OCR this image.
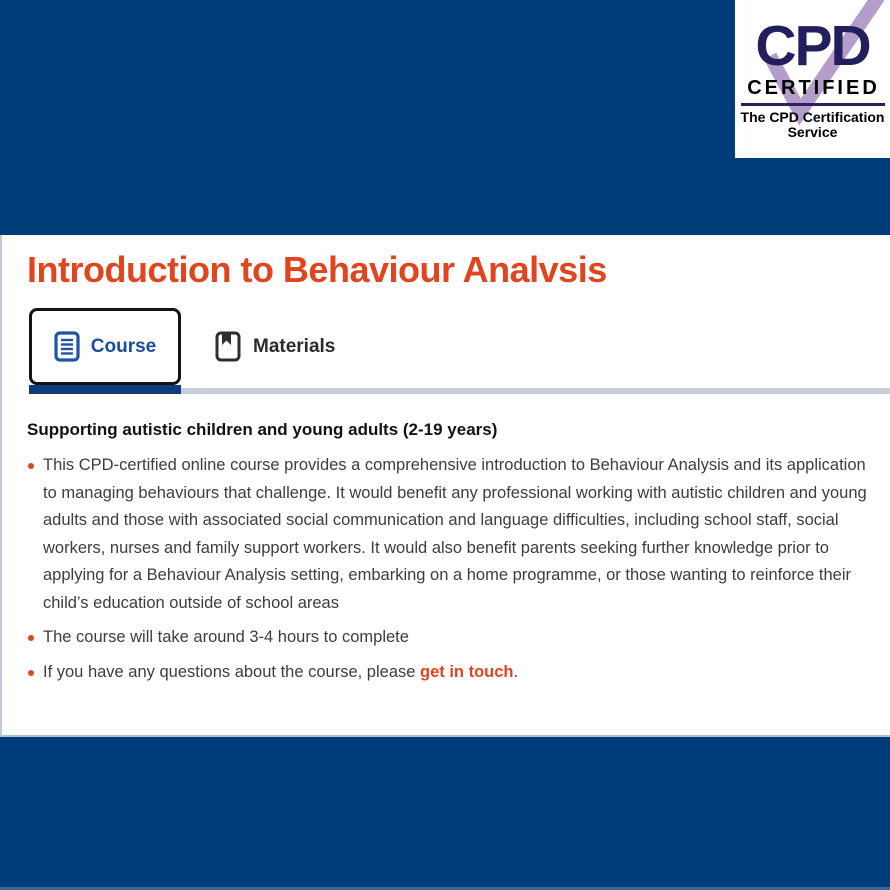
CPD
CERTIFIED
The CPD Certification
Service
Introduction to Behaviour Analvsis
Course	Materials
Supporting autistic children and young adults (2-19 years)
This CPD-certified online course provides a comprehensive introduction to Behaviour Analysis and its application to managing behaviours that challenge. It would benefit any professional working with autistic children and young adults and those with associated social communication and language difficulties, including school staff, social workers, nurses and family support workers. It would also benefit parents seeking further knowledge prior to applying for a Behaviour Analysis setting, embarking on a home programme, or those wanting to reinforce their child’s education outside of school areas
The course will take around 3-4 hours to complete
If you have any questions about the course, please get in touch.
